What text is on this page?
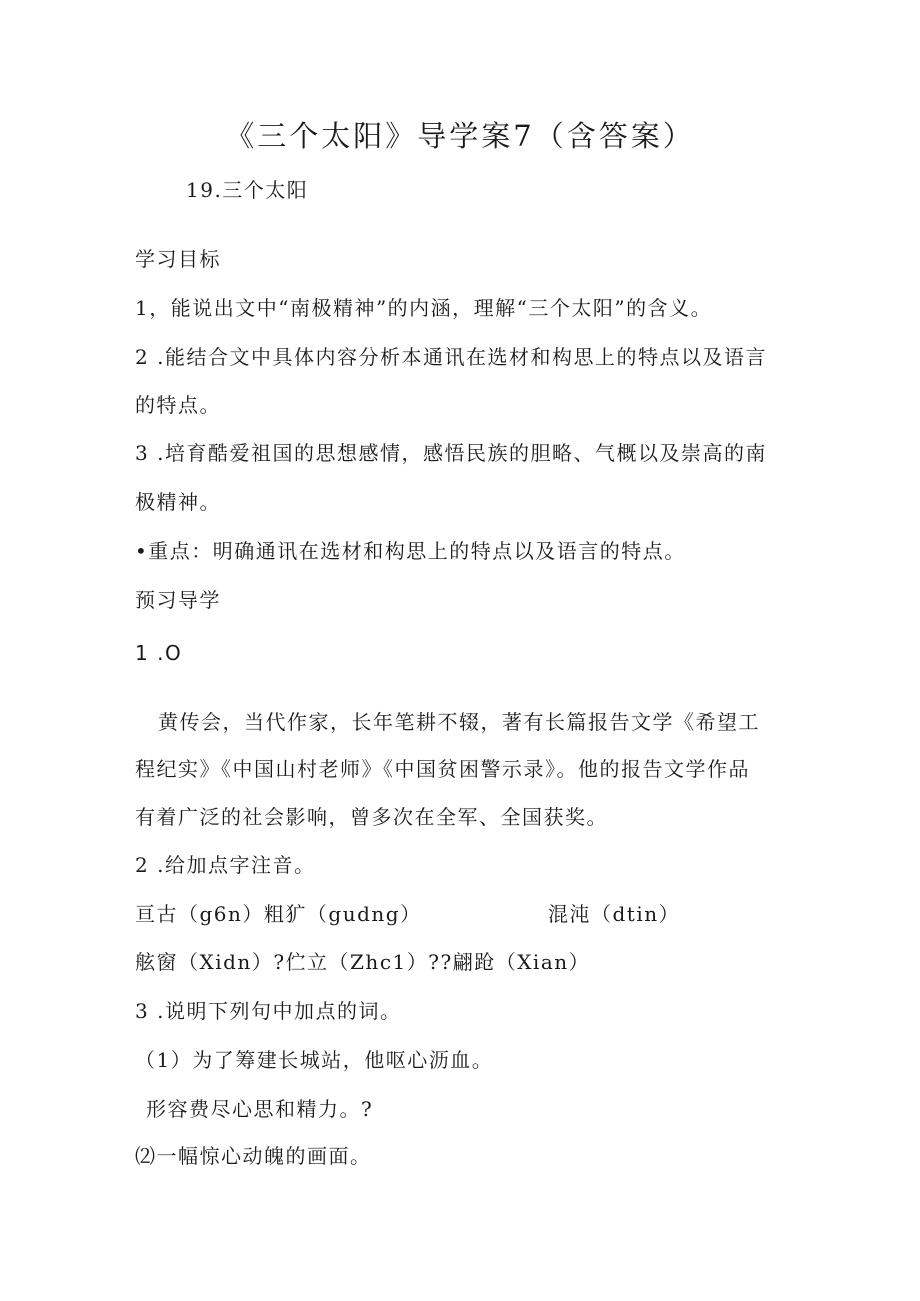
《三个太阳》导学案7（含答案）
19.三个太阳
学习目标
1，能说出文中“南极精神”的内涵，理解“三个太阳”的含义。
2 .能结合文中具体内容分析本通讯在选材和构思上的特点以及语言
的特点。
3 .培育酷爱祖国的思想感情，感悟民族的胆略、气概以及崇高的南
极精神。
•重点：明确通讯在选材和构思上的特点以及语言的特点。
预习导学
1 .O
黄传会，当代作家，长年笔耕不辍，著有长篇报告文学《希望工
程纪实》《中国山村老师》《中国贫困警示录》。他的报告文学作品
有着广泛的社会影响，曾多次在全军、全国获奖。
2 .给加点字注音。
亘古（g6n）粗犷（gudng）	混沌（dtin）
舷窗（Xidn）?伫立（Zhc1）??翩跄（Xian）
3 .说明下列句中加点的词。
（1）为了筹建长城站，他呕心沥血。
形容费尽心思和精力。?
⑵一幅惊心动魄的画面。
